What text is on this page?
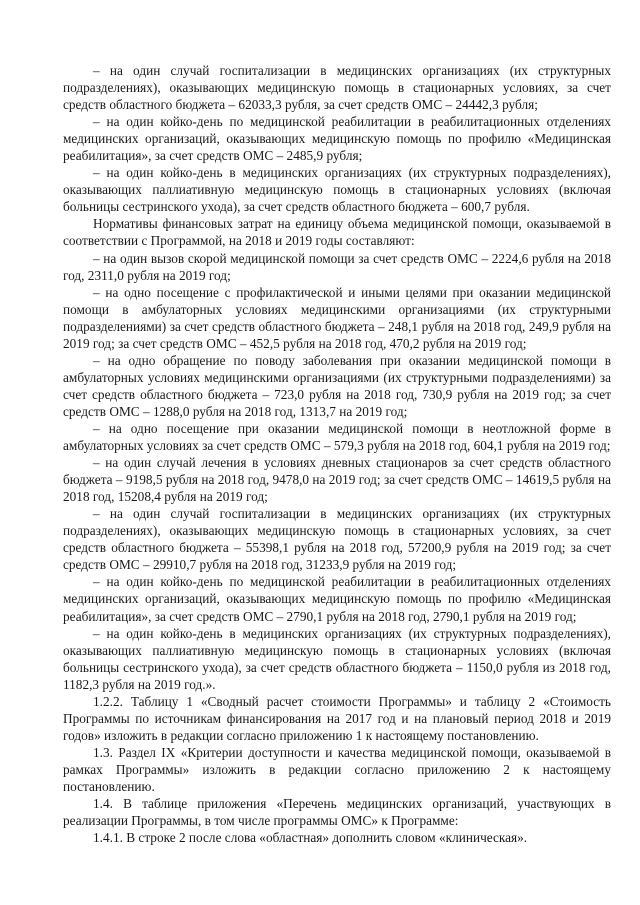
– на один случай госпитализации в медицинских организациях (их структурных подразделениях), оказывающих медицинскую помощь в стационарных условиях, за счет средств областного бюджета – 62033,3 рубля, за счет средств ОМС – 24442,3 рубля;

– на один койко-день по медицинской реабилитации в реабилитационных отделениях медицинских организаций, оказывающих медицинскую помощь по профилю «Медицинская реабилитация», за счет средств ОМС – 2485,9 рубля;

– на один койко-день в медицинских организациях (их структурных подразделениях), оказывающих паллиативную медицинскую помощь в стационарных условиях (включая больницы сестринского ухода), за счет средств областного бюджета – 600,7 рубля.

Нормативы финансовых затрат на единицу объема медицинской помощи, оказываемой в соответствии с Программой, на 2018 и 2019 годы составляют:

– на один вызов скорой медицинской помощи за счет средств ОМС – 2224,6 рубля на 2018 год, 2311,0 рубля на 2019 год;

– на одно посещение с профилактической и иными целями при оказании медицинской помощи в амбулаторных условиях медицинскими организациями (их структурными подразделениями) за счет средств областного бюджета – 248,1 рубля на 2018 год, 249,9 рубля на 2019 год; за счет средств ОМС – 452,5 рубля на 2018 год, 470,2 рубля на 2019 год;

– на одно обращение по поводу заболевания при оказании медицинской помощи в амбулаторных условиях медицинскими организациями (их структурными подразделениями) за счет средств областного бюджета – 723,0 рубля на 2018 год, 730,9 рубля на 2019 год; за счет средств ОМС – 1288,0 рубля на 2018 год, 1313,7 на 2019 год;

– на одно посещение при оказании медицинской помощи в неотложной форме в амбулаторных условиях за счет средств ОМС – 579,3 рубля на 2018 год, 604,1 рубля на 2019 год;

– на один случай лечения в условиях дневных стационаров за счет средств областного бюджета – 9198,5 рубля на 2018 год, 9478,0 на 2019 год; за счет средств ОМС – 14619,5 рубля на 2018 год, 15208,4 рубля на 2019 год;

– на один случай госпитализации в медицинских организациях (их структурных подразделениях), оказывающих медицинскую помощь в стационарных условиях, за счет средств областного бюджета – 55398,1 рубля на 2018 год, 57200,9 рубля на 2019 год; за счет средств ОМС – 29910,7 рубля на 2018 год, 31233,9 рубля на 2019 год;

– на один койко-день по медицинской реабилитации в реабилитационных отделениях медицинских организаций, оказывающих медицинскую помощь по профилю «Медицинская реабилитация», за счет средств ОМС – 2790,1 рубля на 2018 год, 2790,1 рубля на 2019 год;

– на один койко-день в медицинских организациях (их структурных подразделениях), оказывающих паллиативную медицинскую помощь в стационарных условиях (включая больницы сестринского ухода), за счет средств областного бюджета – 1150,0 рубля из 2018 год, 1182,3 рубля на 2019 год.».

1.2.2. Таблицу 1 «Сводный расчет стоимости Программы» и таблицу 2 «Стоимость Программы по источникам финансирования на 2017 год и на плановый период 2018 и 2019 годов» изложить в редакции согласно приложению 1 к настоящему постановлению.

1.3. Раздел IX «Критерии доступности и качества медицинской помощи, оказываемой в рамках Программы» изложить в редакции согласно приложению 2 к настоящему постановлению.

1.4. В таблице приложения «Перечень медицинских организаций, участвующих в реализации Программы, в том числе программы ОМС» к Программе:

1.4.1. В строке 2 после слова «областная» дополнить словом «клиническая».
